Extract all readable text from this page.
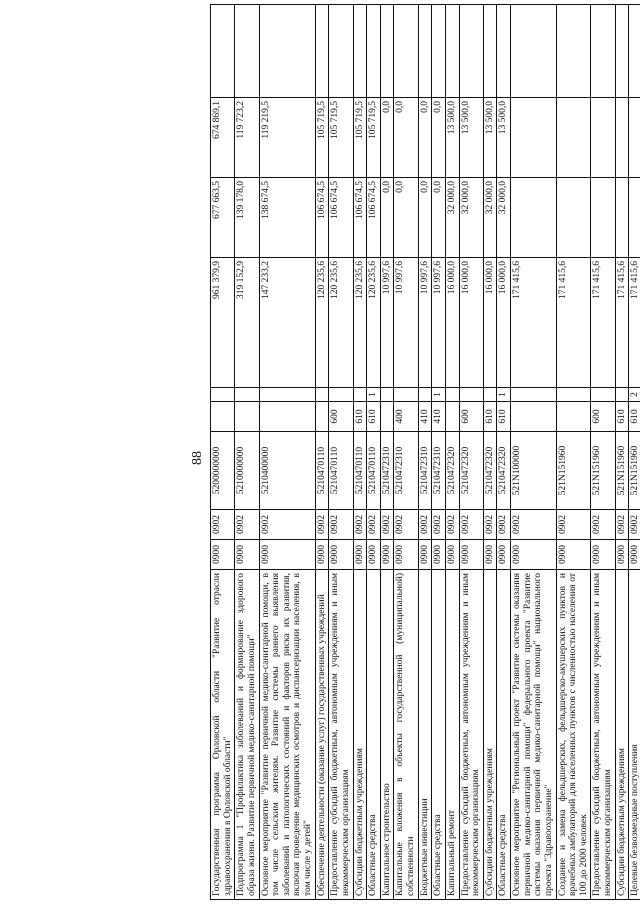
88
Государственная программа Орловской области "Развитие отрасли здравоохранения в Орловской области"	0900	0902	5200000000			961 379,9	677 663,5	674 869,1	
Подпрограмма 1 "Профилактика заболеваний и формирование здорового образа жизни. Развитие первичной медико-санитарной помощи"	0900	0902	5210000000			319 152,9	139 178,0	119 723,2	
Основное мероприятие "Развитие первичной медико-санитарной помощи, в том числе сельским жителям. Развитие системы раннего выявления заболеваний и патологических состояний и факторов риска их развития, включая проведение медицинских осмотров и диспансеризации населения, в том числе у детей"	0900	0902	5210400000			147 233,2	138 674,5	119 219,5	
Обеспечение деятельности (оказание услуг) государственных учреждений	0900	0902	5210470110			120 235,6	106 674,5	105 719,5	
Предоставление субсидий бюджетным, автономным учреждениям и иным некоммерческим организациям	0900	0902	5210470110	600		120 235,6	106 674,5	105 719,5	
Субсидии бюджетным учреждениям	0900	0902	5210470110	610		120 235,6	106 674,5	105 719,5	
Областные средства	0900	0902	5210470110	610	1	120 235,6	106 674,5	105 719,5	
Капитальное строительство	0900	0902	5210472310			10 997,6	0,0	0,0	
Капитальные вложения в объекты государственной (муниципальной) собственности	0900	0902	5210472310	400		10 997,6	0,0	0,0	
Бюджетные инвестиции	0900	0902	5210472310	410		10 997,6	0,0	0,0	
Областные средства	0900	0902	5210472310	410	1	10 997,6	0,0	0,0	
Капитальный ремонт	0900	0902	5210472320			16 000,0	32 000,0	13 500,0	
Предоставление субсидий бюджетным, автономным учреждениям и иным некоммерческим организациям	0900	0902	5210472320	600		16 000,0	32 000,0	13 500,0	
Субсидии бюджетным учреждениям	0900	0902	5210472320	610		16 000,0	32 000,0	13 500,0	
Областные средства	0900	0902	5210472320	610	1	16 000,0	32 000,0	13 500,0	
Основное мероприятие "Региональный проект "Развитие системы оказания первичной медико-санитарной помощи" федерального проекта "Развитие системы оказания первичной медико-санитарной помощи" национального проекта "Здравоохранение"	0900	0902	521N100000			171 415,6			
Создание и замена фельдшерских, фельдшерско-акушерских пунктов и врачебных амбулаторий для населенных пунктов с численностью населения от 100 до 2000 человек	0900	0902	521N151960			171 415,6			
Предоставление субсидий бюджетным, автономным учреждениям и иным некоммерческим организациям	0900	0902	521N151960	600		171 415,6			
Субсидии бюджетным учреждениям	0900	0902	521N151960	610		171 415,6			
Целевые безвозмездные поступления	0900	0902	521N151960	610	2	171 415,6			
